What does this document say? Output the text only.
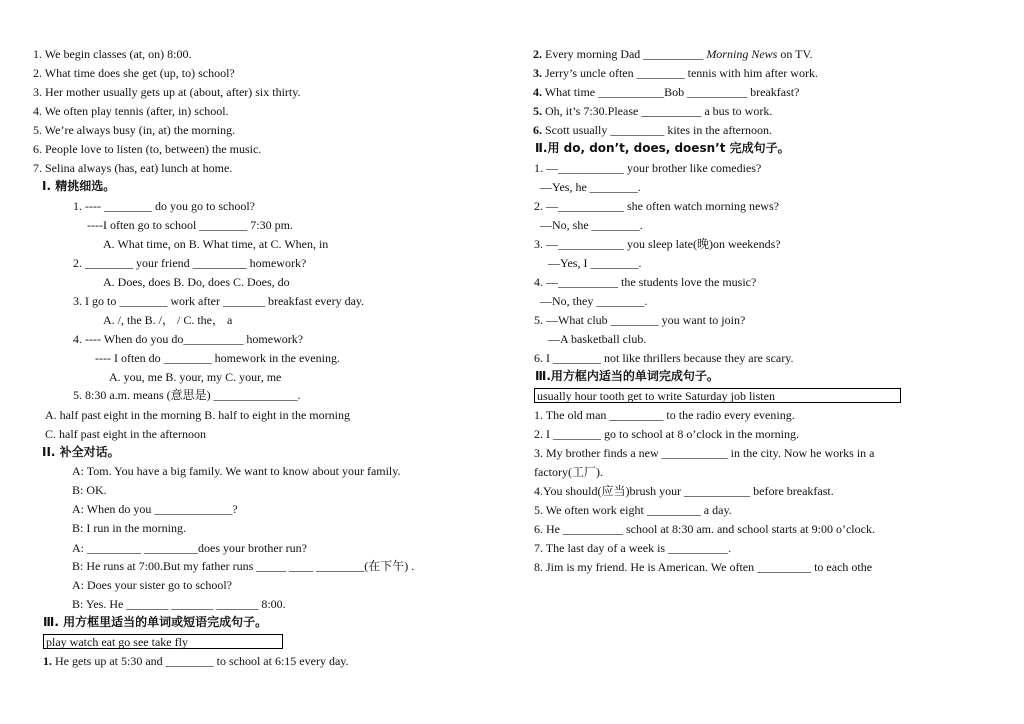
1. We begin classes (at, on) 8:00.
2. What time does she get (up, to) school?
3. Her mother usually gets up at (about, after) six thirty.
4. We often play tennis (after, in) school.
5. We’re always busy (in, at) the morning.
6. People love to listen (to, between) the music.
7. Selina always (has, eat) lunch at home.
I. 精挑细选。
1. ---- ________ do you go to school?
----I often go to school ________ 7:30 pm.
A. What time, on B. What time, at C. When, in
2. ________ your friend _________ homework?
A. Does, does B. Do, does C. Does, do
3. I go to ________ work after _______ breakfast every day.
A. /, the B. /， / C. the， a
4. ---- When do you do__________ homework?
---- I often do ________ homework in the evening.
A. you, me B. your, my C. your, me
5. 8:30 a.m. means (意思是) ______________.
A. half past eight in the morning B. half to eight in the morning
C. half past eight in the afternoon
II. 补全对话。
A: Tom. You have a big family. We want to know about your family.
B: OK.
A: When do you _____________?
B: I run in the morning.
A: _________ _________does your brother run?
B: He runs at 7:00.But my father runs _____ ____ ________(在下午) .
A: Does your sister go to school?
B: Yes. He _______ _______ _______ 8:00.
Ⅲ. 用方框里适当的单词或短语完成句子。
play watch eat go see take fly
1. He gets up at 5:30 and ________ to school at 6:15 every day.
2. Every morning Dad __________ Morning News on TV.
3. Jerry’s uncle often ________ tennis with him after work.
4. What time ___________Bob __________ breakfast?
5. Oh, it’s 7:30.Please __________ a bus to work.
6. Scott usually _________ kites in the afternoon.
Ⅱ.用 do, don’t, does, doesn’t 完成句子。
1. —___________ your brother like comedies?
—Yes, he ________.
2. —___________ she often watch morning news?
—No, she ________.
3. —___________ you sleep late(晚)on weekends?
—Yes, I ________.
4. —__________ the students love the music?
—No, they ________.
5. —What club ________ you want to join?
—A basketball club.
6. I ________ not like thrillers because they are scary.
Ⅲ.用方框内适当的单词完成句子。
usually hour tooth get to write Saturday job listen
1. The old man _________ to the radio every evening.
2. I ________ go to school at 8 o’clock in the morning.
3. My brother finds a new ___________ in the city. Now he works in a
factory(工厂).
4.You should(应当)brush your ___________ before breakfast.
5. We often work eight _________ a day.
6. He __________ school at 8:30 am. and school starts at 9:00 o’clock.
7. The last day of a week is __________.
8. Jim is my friend. He is American. We often _________ to each othe
